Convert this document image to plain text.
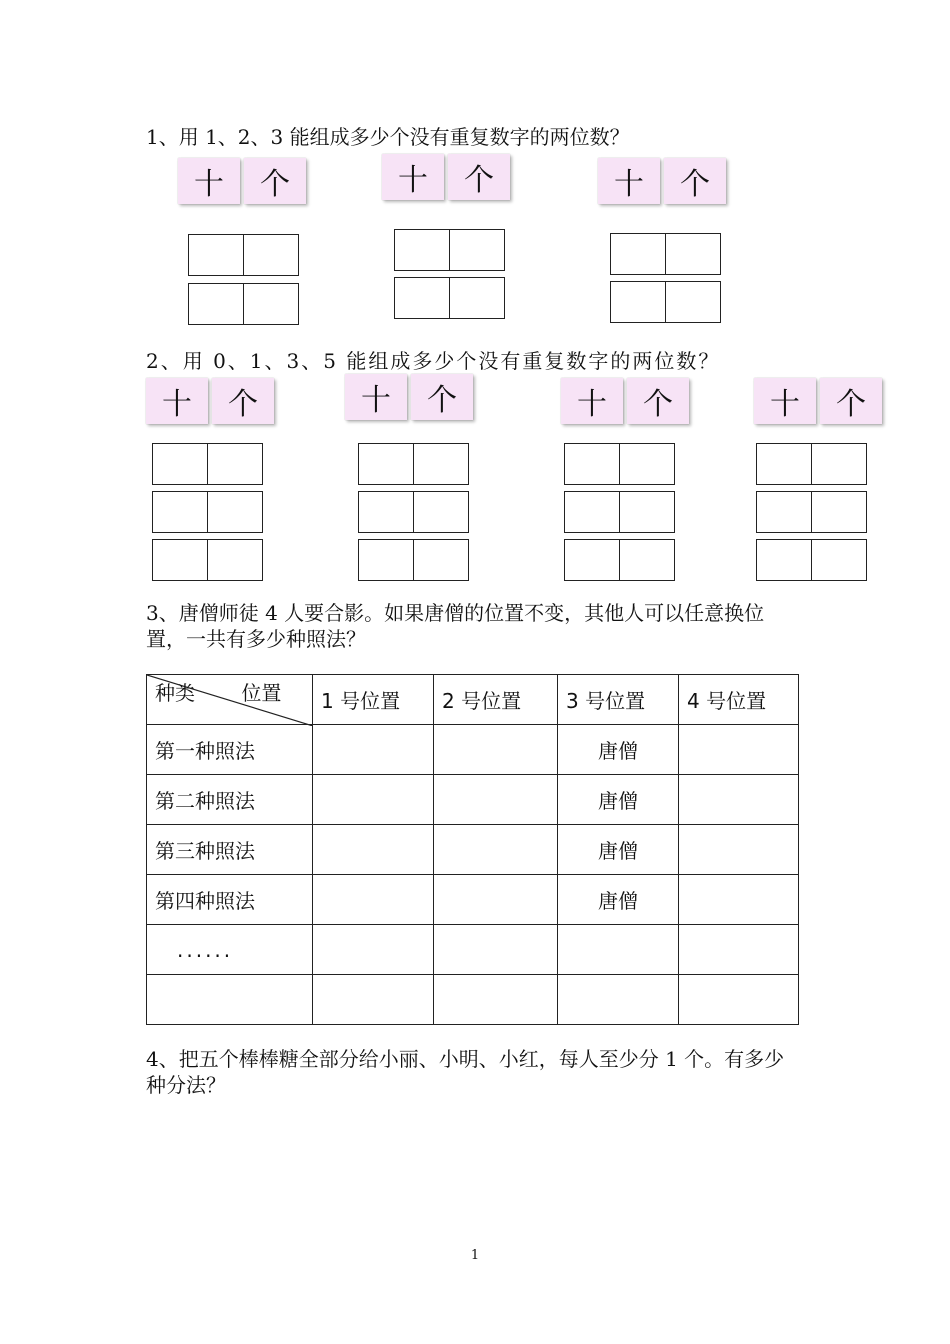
1、用 1、2、3 能组成多少个没有重复数字的两位数？
十	个	十	个	十	个
2、用 0、1、3、5 能组成多少个没有重复数字的两位数？
十	个	十	个	十	个	十	个
3、唐僧师徒 4 人要合影。如果唐僧的位置不变，其他人可以任意换位
置，一共有多少种照法？
种类 位置	1 号位置	2 号位置	3 号位置	4 号位置
第一种照法			唐僧	
第二种照法			唐僧	
第三种照法			唐僧	
第四种照法			唐僧	
......				

4、把五个棒棒糖全部分给小丽、小明、小红，每人至少分 1 个。有多少
种分法？
1
